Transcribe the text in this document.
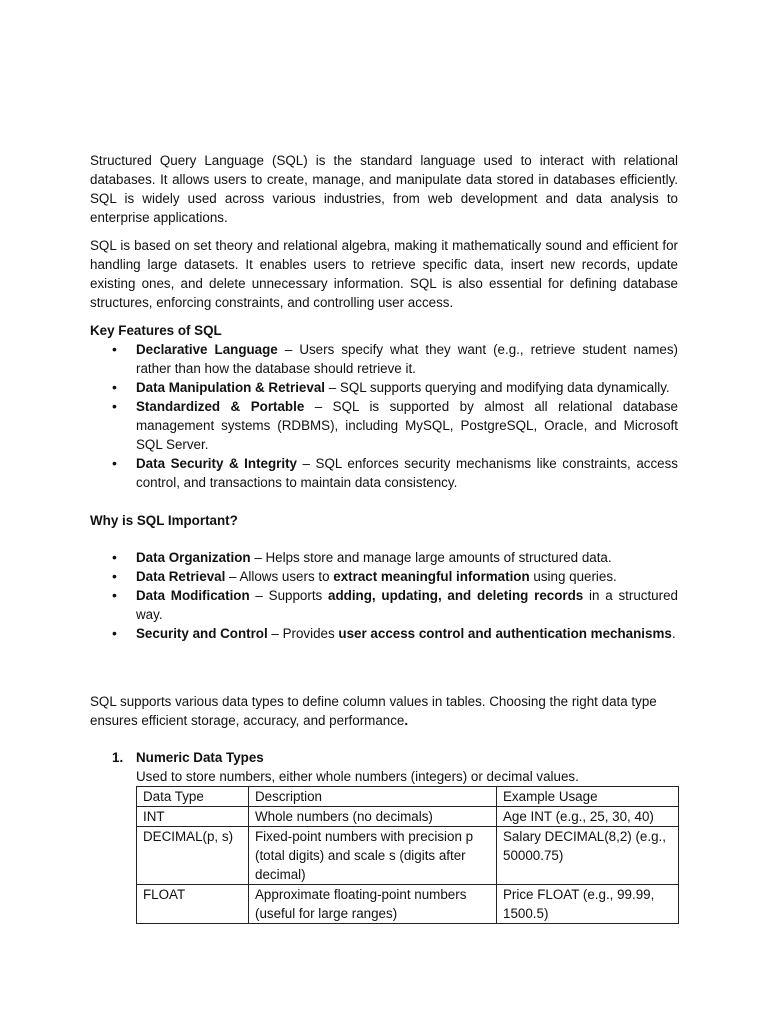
Structured Query Language (SQL) is the standard language used to interact with relational databases. It allows users to create, manage, and manipulate data stored in databases efficiently. SQL is widely used across various industries, from web development and data analysis to enterprise applications.

SQL is based on set theory and relational algebra, making it mathematically sound and efficient for handling large datasets. It enables users to retrieve specific data, insert new records, update existing ones, and delete unnecessary information. SQL is also essential for defining database structures, enforcing constraints, and controlling user access.

Key Features of SQL

• Declarative Language – Users specify what they want (e.g., retrieve student names) rather than how the database should retrieve it.
• Data Manipulation & Retrieval – SQL supports querying and modifying data dynamically.
• Standardized & Portable – SQL is supported by almost all relational database management systems (RDBMS), including MySQL, PostgreSQL, Oracle, and Microsoft SQL Server.
• Data Security & Integrity – SQL enforces security mechanisms like constraints, access control, and transactions to maintain data consistency.

Why is SQL Important?

• Data Organization – Helps store and manage large amounts of structured data.
• Data Retrieval – Allows users to extract meaningful information using queries.
• Data Modification – Supports adding, updating, and deleting records in a structured way.
• Security and Control – Provides user access control and authentication mechanisms.

SQL supports various data types to define column values in tables. Choosing the right data type ensures efficient storage, accuracy, and performance.

1. Numeric Data Types

Used to store numbers, either whole numbers (integers) or decimal values.

Data Type	Description	Example Usage
INT	Whole numbers (no decimals)	Age INT (e.g., 25, 30, 40)
DECIMAL(p, s)	Fixed-point numbers with precision p (total digits) and scale s (digits after decimal)	Salary DECIMAL(8,2) (e.g., 50000.75)
FLOAT	Approximate floating-point numbers (useful for large ranges)	Price FLOAT (e.g., 99.99, 1500.5)
